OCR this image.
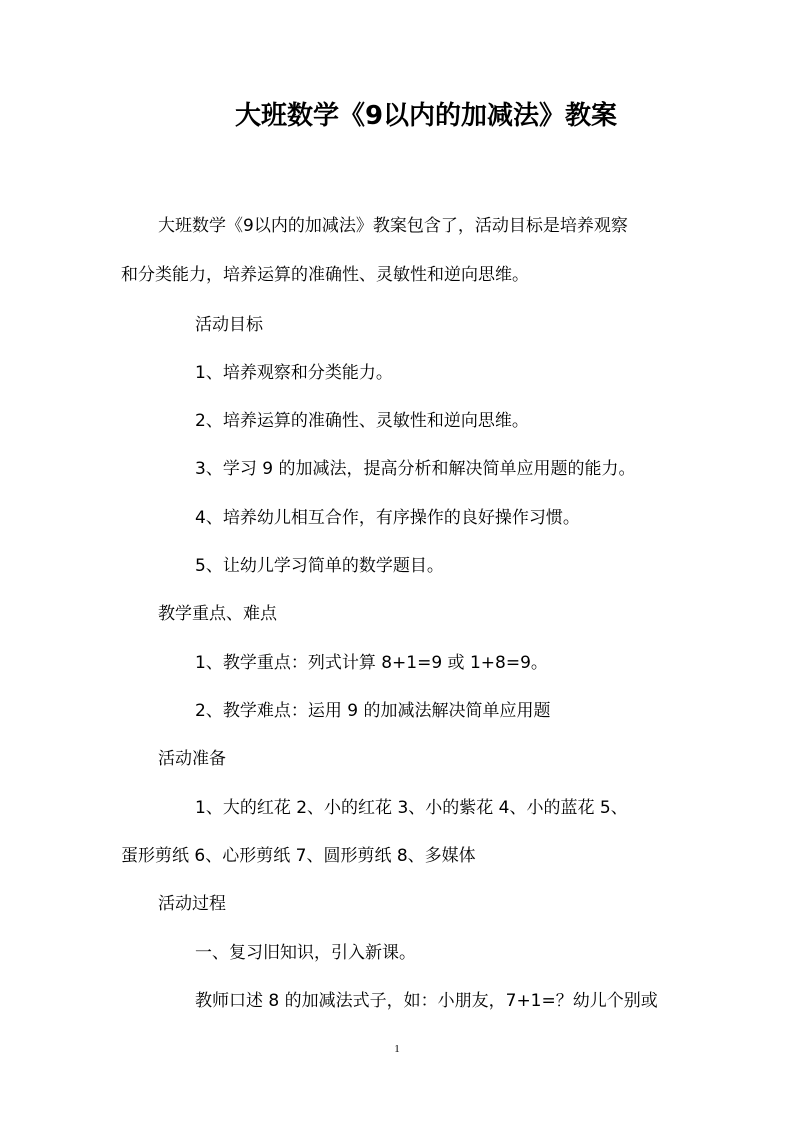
大班数学《9以内的加减法》教案
大班数学《9以内的加减法》教案包含了，活动目标是培养观察
和分类能力，培养运算的准确性、灵敏性和逆向思维。
活动目标
1、培养观察和分类能力。
2、培养运算的准确性、灵敏性和逆向思维。
3、学习 9 的加减法，提高分析和解决简单应用题的能力。
4、培养幼儿相互合作，有序操作的良好操作习惯。
5、让幼儿学习简单的数学题目。
教学重点、难点
1、教学重点：列式计算 8+1=9 或 1+8=9。
2、教学难点：运用 9 的加减法解决简单应用题
活动准备
1、大的红花 2、小的红花 3、小的紫花 4、小的蓝花 5、
蛋形剪纸 6、心形剪纸 7、圆形剪纸 8、多媒体
活动过程
一、复习旧知识，引入新课。
教师口述 8 的加减法式子，如：小朋友，7+1=？幼儿个别或
1
